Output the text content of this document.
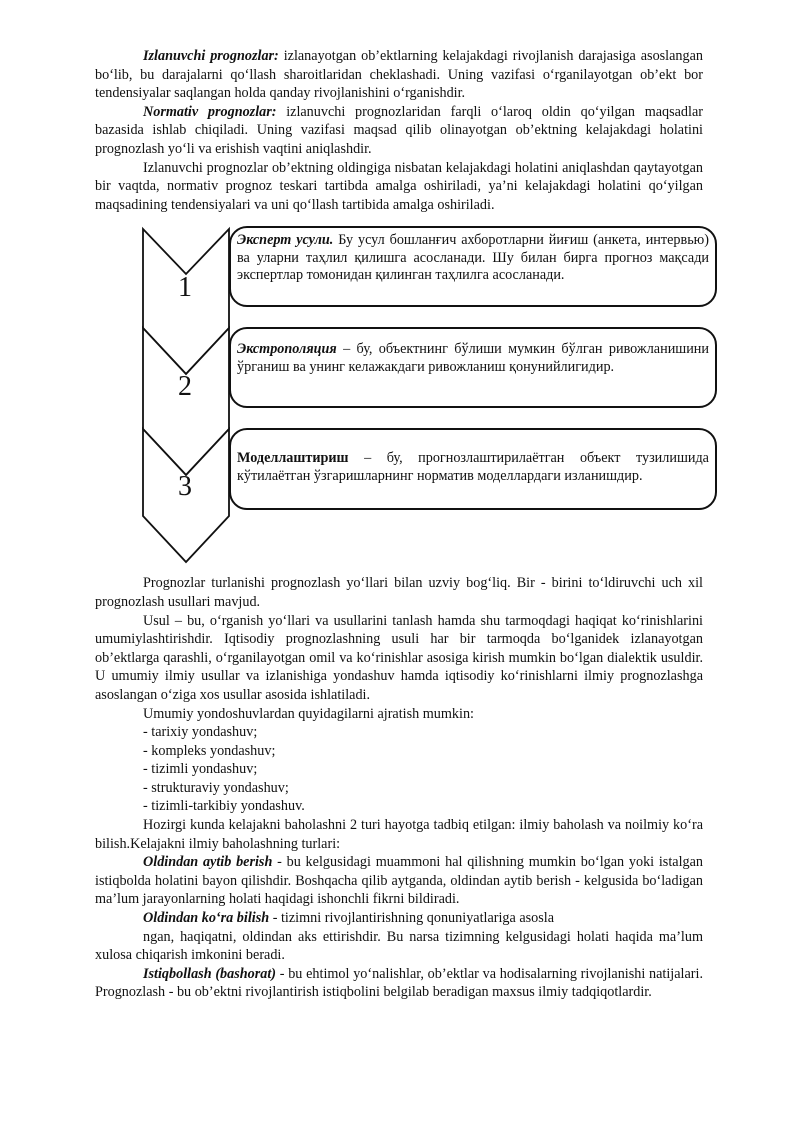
Izlanuvchi prognozlar: izlanayotgan ob’ektlarning kelajakdagi rivojlanish darajasiga asoslangan bo‘lib, bu darajalarni qo‘llash sharoitlaridan cheklashadi. Uning vazifasi o‘rganilayotgan ob’ekt bor tendensiyalar saqlangan holda qanday rivojlanishini o‘rganishdir.

Normativ prognozlar: izlanuvchi prognozlaridan farqli o‘laroq oldin qo‘yilgan maqsadlar bazasida ishlab chiqiladi. Uning vazifasi maqsad qilib olinayotgan ob’ektning kelajakdagi holatini prognozlash yo‘li va erishish vaqtini aniqlashdir.

Izlanuvchi prognozlar ob’ektning oldingiga nisbatan kelajakdagi holatini aniqlashdan qaytayotgan bir vaqtda, normativ prognoz teskari tartibda amalga oshiriladi, ya’ni kelajakdagi holatini qo‘yilgan maqsadining tendensiyalari va uni qo‘llash tartibida amalga oshiriladi.

1
2
3
Эксперт усули. Бу усул бошланғич ахборотларни йиғиш (анкета, интервью) ва уларни таҳлил қилишга асосланади. Шу билан бирга прогноз мақсади экспертлар томонидан қилинган таҳлилга асосланади.
Экстрополяция – бу, объектнинг бўлиши мумкин бўлган ривожланишини ўрганиш ва унинг келажакдаги ривожланиш қонунийлигидир.
Моделлаштириш – бу, прогнозлаштирилаётган объект тузилишида кўтилаётган ўзгаришларнинг норматив моделлардаги изланишдир.

Prognozlar turlanishi prognozlash yo‘llari bilan uzviy bog‘liq. Bir - birini to‘ldiruvchi uch xil prognozlash usullari mavjud.

Usul – bu, o‘rganish yo‘llari va usullarini tanlash hamda shu tarmoqdagi haqiqat ko‘rinishlarini umumiylashtirishdir. Iqtisodiy prognozlashning usuli har bir tarmoqda bo‘lganidek izlanayotgan ob’ektlarga qarashli, o‘rganilayotgan omil va ko‘rinishlar asosiga kirish mumkin bo‘lgan dialektik usuldir. U umumiy ilmiy usullar va izlanishiga yondashuv hamda iqtisodiy ko‘rinishlarni ilmiy prognozlashga asoslangan o‘ziga xos usullar asosida ishlatiladi.

Umumiy yondoshuvlardan quyidagilarni ajratish mumkin:

- tarixiy yondashuv;
- kompleks yondashuv;
- tizimli yondashuv;
- strukturaviy yondashuv;
- tizimli-tarkibiy yondashuv.

Hozirgi kunda kelajakni baholashni 2 turi hayotga tadbiq etilgan: ilmiy baholash va noilmiy ko‘ra bilish.Kelajakni ilmiy baholashning turlari:

Oldindan aytib berish - bu kelgusidagi muammoni hal qilishning mumkin bo‘lgan yoki istalgan istiqbolda holatini bayon qilishdir. Boshqacha qilib aytganda, oldindan aytib berish - kelgusida bo‘ladigan ma’lum jarayonlarning holati haqidagi ishonchli fikrni bildiradi.

Oldindan ko‘ra bilish - tizimni rivojlantirishning qonuniyatlariga asosla

ngan, haqiqatni, oldindan aks ettirishdir. Bu narsa tizimning kelgusidagi holati haqida ma’lum xulosa chiqarish imkonini beradi.

Istiqbollash (bashorat) - bu ehtimol yo‘nalishlar, ob’ektlar va hodisalarning rivojlanishi natijalari. Prognozlash - bu ob’ektni rivojlantirish istiqbolini belgilab beradigan maxsus ilmiy tadqiqotlardir.
